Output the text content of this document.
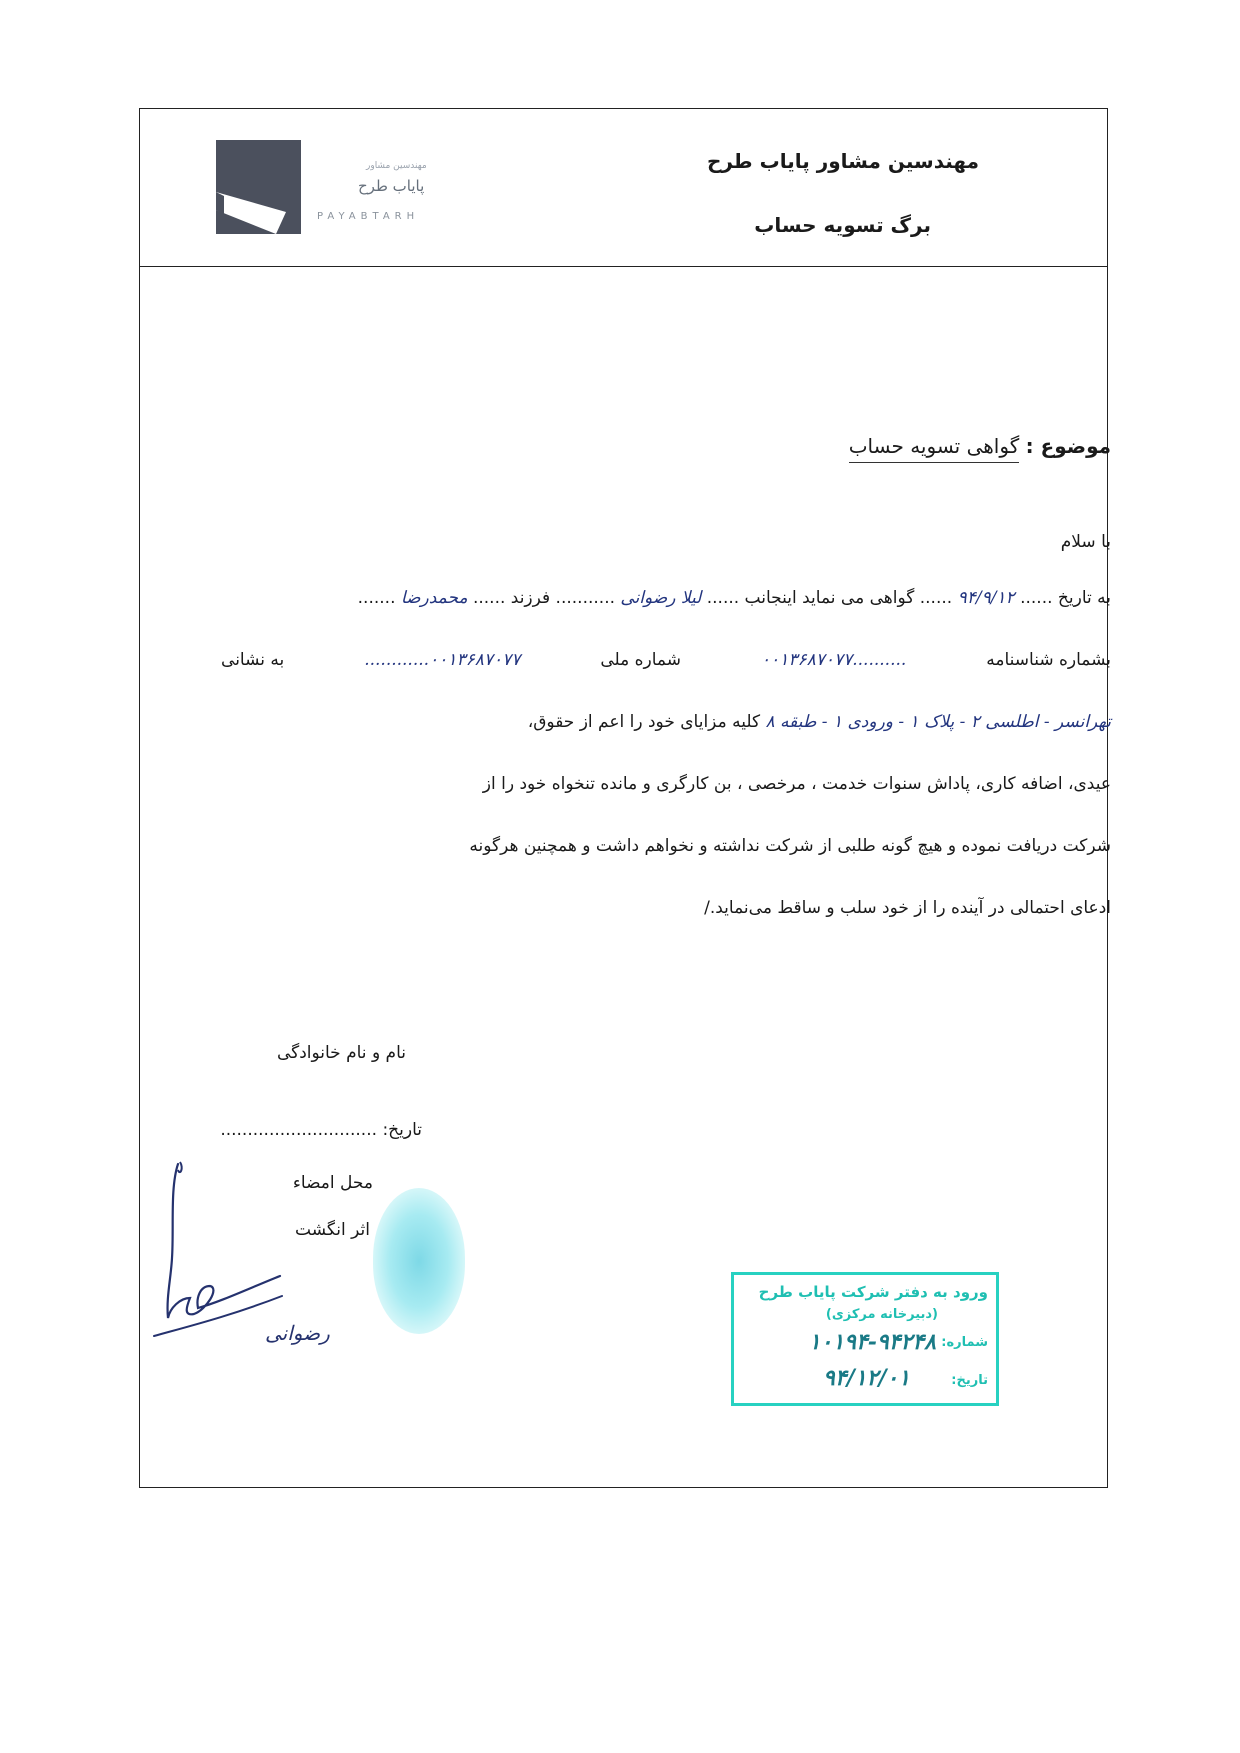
مهندسین مشاور پایاب طرح
برگ تسویه حساب
مهندسین مشاور
پایاب طرح
PAYABTARH
موضوع : گواهی تسویه حساب
با سلام
به تاریخ ...... ۹۴/۹/۱۲ ...... گواهی می نماید اینجانب ...... لیلا رضوانی ........... فرزند ...... محمدرضا .......
بشماره شناسنامه
..........۰۰۱۳۶۸۷۰۷۷
شماره ملی
۰۰۱۳۶۸۷۰۷۷............
به نشانی
تهرانسر - اطلسی ۲ - پلاک ۱ - ورودی ۱ - طبقه ۸ کلیه مزایای خود را اعم از حقوق،
عیدی، اضافه کاری، پاداش سنوات خدمت ، مرخصی ، بن کارگری و مانده تنخواه خود را از
شرکت دریافت نموده و هیچ گونه طلبی از شرکت نداشته و نخواهم داشت و همچنین هرگونه
ادعای احتمالی در آینده را از خود سلب و ساقط می‌نماید./
نام و نام خانوادگی
تاریخ: .............................
محل امضاء
اثر انگشت
رضوانی
ورود به دفتر شرکت پایاب طرح
(دبیرخانه مرکزی)
شماره:
۱۰۱۹۴-۹۴۲۴۸
تاریخ:
۹۴/۱۲/۰۱
